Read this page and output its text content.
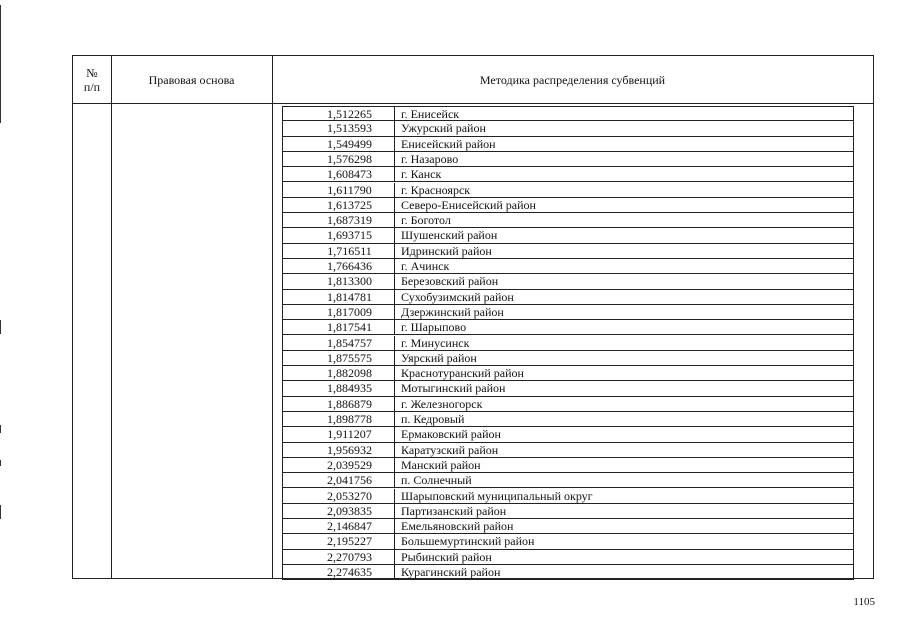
№
п/п	Правовая основа	Методика распределения субвенций
1,512265	г. Енисейск
1,513593	Ужурский район
1,549499	Енисейский район
1,576298	г. Назарово
1,608473	г. Канск
1,611790	г. Красноярск
1,613725	Северо-Енисейский район
1,687319	г. Боготол
1,693715	Шушенский район
1,716511	Идринский район
1,766436	г. Ачинск
1,813300	Березовский район
1,814781	Сухобузимский район
1,817009	Дзержинский район
1,817541	г. Шарыпово
1,854757	г. Минусинск
1,875575	Уярский район
1,882098	Краснотуранский район
1,884935	Мотыгинский район
1,886879	г. Железногорск
1,898778	п. Кедровый
1,911207	Ермаковский район
1,956932	Каратузский район
2,039529	Манский район
2,041756	п. Солнечный
2,053270	Шарыповский муниципальный округ
2,093835	Партизанский район
2,146847	Емельяновский район
2,195227	Большемуртинский район
2,270793	Рыбинский район
2,274635	Курагинский район
1105
